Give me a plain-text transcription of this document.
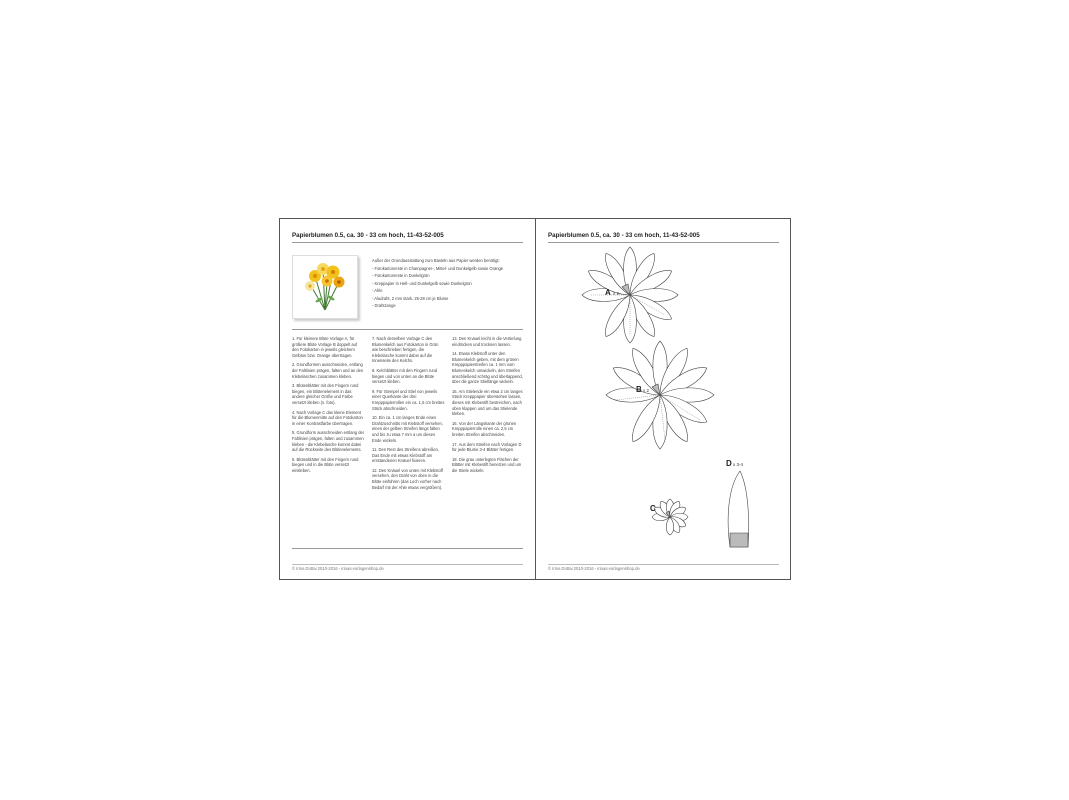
Papierblumen 0.5, ca. 30 - 33 cm hoch, 11-43-52-005
Außer der Grundausstattung zum Basteln aus Papier werden benötigt:
- Fotokartonreste in Champagner-, Mittel- und Dunkelgelb sowie Orange
- Fotokartonreste in Dunkelgrün
- Kreppapier in Hell- und Dunkelgelb sowie Dunkelgrün
- Ahle
- Aludraht, 2 mm stark, 25-28 cm je Blume
- Drahtzange

1. Für kleinere Blüte Vorlage A, für größere Blüte Vorlage B doppelt auf den Fotokarton in jeweils gleichem Gelbton bzw. Orange übertragen.

2. Grundformen ausschneiden, entlang der Faltlinien prägen, falten und an den Klebelaschen zusammen kleben.

3. Blütenblätter mit den Fingern rund biegen, ein Blütenelement in das andere gleicher Größe und Farbe versetzt kleben (s. foto).

4. Nach Vorlage C das kleine Element für die Blumenmitte auf den Fotokarton in einer Kontrastfarbe übertragen.

5. Grundform ausschneiden entlang der Faltlinien prägen, falten und zusammen kleben - die Klebelasche kommt dabei auf die Rückseite des Blütenelements.

6. Blütenblätter mit den Fingern rund biegen und in die Blüte versetzt einkleben.

7. Nach derselben Vorlage C den Blumenkelch aus Fotokarton in Grün wie beschrieben fertigen, die Klebelasche kommt dabei auf die Innenseite des Kelchs.

8. Kelchblätter mit den Fingern rund biegen und von unten an die Blüte versetzt kleben.

9. Für Stempel und Stiel von jeweils einer Querkante der drei Krepppapierrollen ein ca. 1,5 cm breites Stück abschneiden.

10. Ein ca. 1 cm langes Ende eines Drahtzuschnitts mit Klebstoff versehen, einen der gelben Streifen längs falten und bis zu etwa 7 mm a um dieses Ende wickeln.

11. Den Rest des Streifens abreißen, Das Ende mit etwas Klebstoff am entstandenen Knäuel fixieren.

12. Den Knäuel von unten mit Klebstoff versehen, den Draht von oben in die Blüte einführen (das Loch vorher nach Bedarf mit der Ahle etwas vergrößern).

13. Den Knäuel leicht in die Vertiefung eindrücken und trocknen lassen.

14. Etwas Klebstoff unter den Blumenkelch geben, mit dem grünen Krepppapierstreifen ca. 1 mm vom Blumenkelch umwickeln, den Streifen anschließend schräg und überlappend, über die ganze Stiellänge wickeln.

15. Am Stielende ein etwa 2 cm langes Stück Krepppapier überstehen lassen, dieses mit Klebestift bestreichen, nach oben klappen und um das Stielende kleben.

16. Von der Längskante der grünen Krepppapierrolle einen ca. 2,5 cm breiten Streifen abschneiden.

17. Aus dem Streifen nach Vorlagen D für jede Blume 3-4 Blätter fertigen.

18. Die grau unterlegten Flächen der Blätter mit Klebestift benetzen und um die Stiele wickeln.

© Irina Dottai 2010-2016 - irinas-vorlagenshop.de
Papierblumen 0.5, ca. 30 - 33 cm hoch, 11-43-52-005
A x 2
B x 2
C
D x 3-4
© Irina Dottai 2010-2016 - irinas-vorlagenshop.de
